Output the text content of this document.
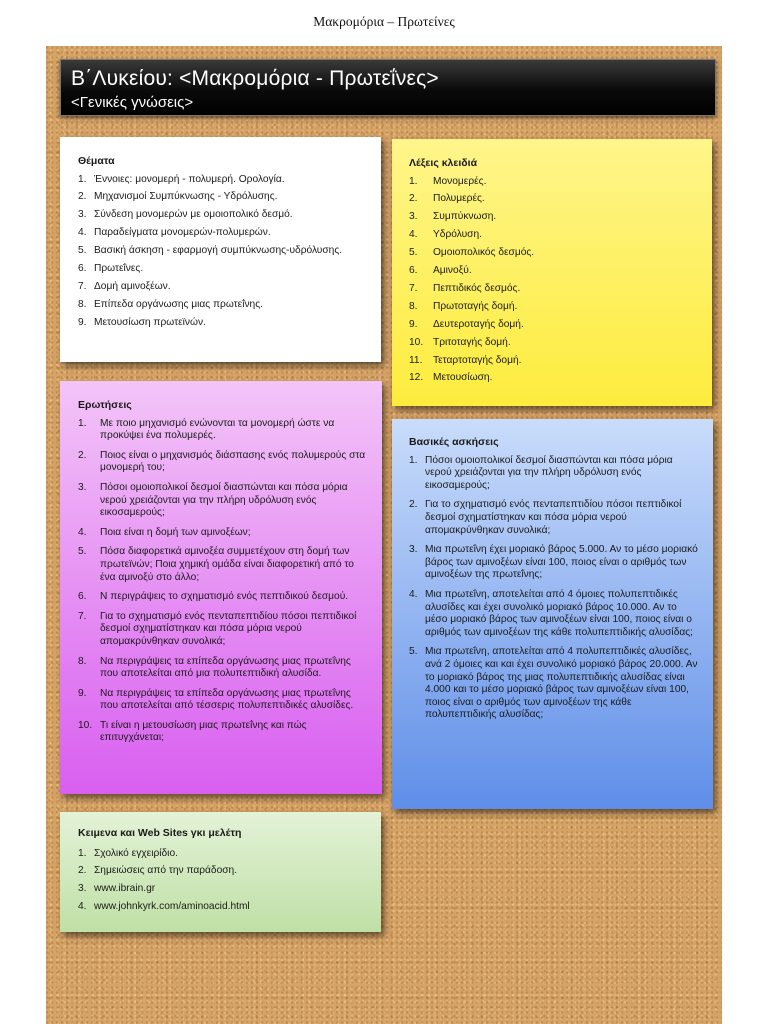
Μακρομόρια – Πρωτείνες
Β΄Λυκείου: <Μακρομόρια - Πρωτεΐνες>
<Γενικές γνώσεις>
Θέματα
1. Έννοιες: μονομερή - πολυμερή. Ορολογία.
2. Μηχανισμοί Συμπύκνωσης - Υδρόλυσης.
3. Σύνδεση μονομερών με ομοιοπολικό δεσμό.
4. Παραδείγματα μονομερών-πολυμερών.
5. Βασική άσκηση - εφαρμογή συμπύκνωσης-υδρόλυσης.
6. Πρωτεΐνες.
7. Δομή αμινοξέων.
8. Επίπεδα οργάνωσης μιας πρωτεΐνης.
9. Μετουσίωση πρωτεϊνών.
Λέξεις κλειδιά
1.	Μονομερές.
2.	Πολυμερές.
3.	Συμπύκνωση.
4.	Υδρόλυση.
5.	Ομοιοπολικός δεσμός.
6.	Αμινοξύ.
7.	Πεπτιδικός δεσμός.
8.	Πρωτοταγής δομή.
9.	Δευτεροταγής δομή.
10. Τριτοταγής δομή.
11.	Τεταρτοταγής δομή.
12. Μετουσίωση.
Ερωτήσεις
1.	Με ποιο μηχανισμό ενώνονται τα μονομερή ώστε να προκύψει ένα πολυμερές.
2.	Ποιος είναι ο μηχανισμός διάσπασης ενός πολυμερούς στα μονομερή του;
3.	Πόσοι ομοιοπολικοί δεσμοί διασπώνται και πόσα μόρια νερού χρειάζονται για την πλήρη υδρόλυση ενός εικοσαμερούς;
4.	Ποια είναι η δομή των αμινοξέων;
5.	Πόσα διαφορετικά αμινοξέα συμμετέχουν στη δομή των πρωτεϊνών; Ποια χημική ομάδα είναι διαφορετική από το ένα αμινοξύ στο άλλο;
6.	Ν περιγράψεις το σχηματισμό ενός πεπτιδικού δεσμού.
7.	Για το σχηματισμό ενός πενταπεπτιδίου πόσοι πεπτιδικοί δεσμοί σχηματίστηκαν και πόσα μόρια νερού απομακρύνθηκαν συνολικά;
8.	Να περιγράψεις τα επίπεδα οργάνωσης μιας πρωτεΐνης που αποτελείται από μια πολυπεπτιδική αλυσίδα.
9.	Να περιγράψεις τα επίπεδα οργάνωσης μιας πρωτεΐνης που αποτελείται από τέσσερις πολυπεπτιδικές αλυσίδες.
10. Τι είναι η μετουσίωση μιας πρωτεΐνης και πώς επιτυγχάνεται;
Βασικές ασκήσεις
1. Πόσοι ομοιοπολικοί δεσμοί διασπώνται και πόσα μόρια νερού χρειάζονται για την πλήρη υδρόλυση ενός εικοσαμερούς;
2. Για το σχηματισμό ενός πενταπεπτιδίου πόσοι πεπτιδικοί δεσμοί σχηματίστηκαν και πόσα μόρια νερού απομακρύνθηκαν συνολικά;
3. Μια πρωτεΐνη έχει μοριακό βάρος 5.000. Αν το μέσο μοριακό βάρος των αμινοξέων είναι 100, ποιος είναι ο αριθμός των αμινοξέων της πρωτεΐνης;
4. Μια πρωτεΐνη, αποτελείται από 4 όμοιες πολυπεπτιδικές αλυσίδες και έχει συνολικό μοριακό βάρος 10.000. Αν το μέσο μοριακό βάρος των αμινοξέων είναι 100, ποιος είναι ο αριθμός των αμινοξέων της κάθε πολυπεπτιδικής αλυσίδας;
5. Μια πρωτεΐνη, αποτελείται από 4 πολυπεπτιδικές αλυσίδες, ανά 2 όμοιες και και έχει συνολικό μοριακό βάρος 20.000. Αν το μοριακό βάρος της μιας πολυπεπτιδικής αλυσίδας είναι 4.000 και το μέσο μοριακό βάρος των αμινοξέων είναι 100, ποιος είναι ο αριθμός των αμινοξέων της κάθε πολυπεπτιδικής αλυσίδας;
Κειμενα και Web Sites γκι μελέτη
1. Σχολικό εγχειρίδιο.
2. Σημειώσεις από την παράδοση.
3. www.ibrain.gr
4. www.johnkyrk.com/aminoacid.html
